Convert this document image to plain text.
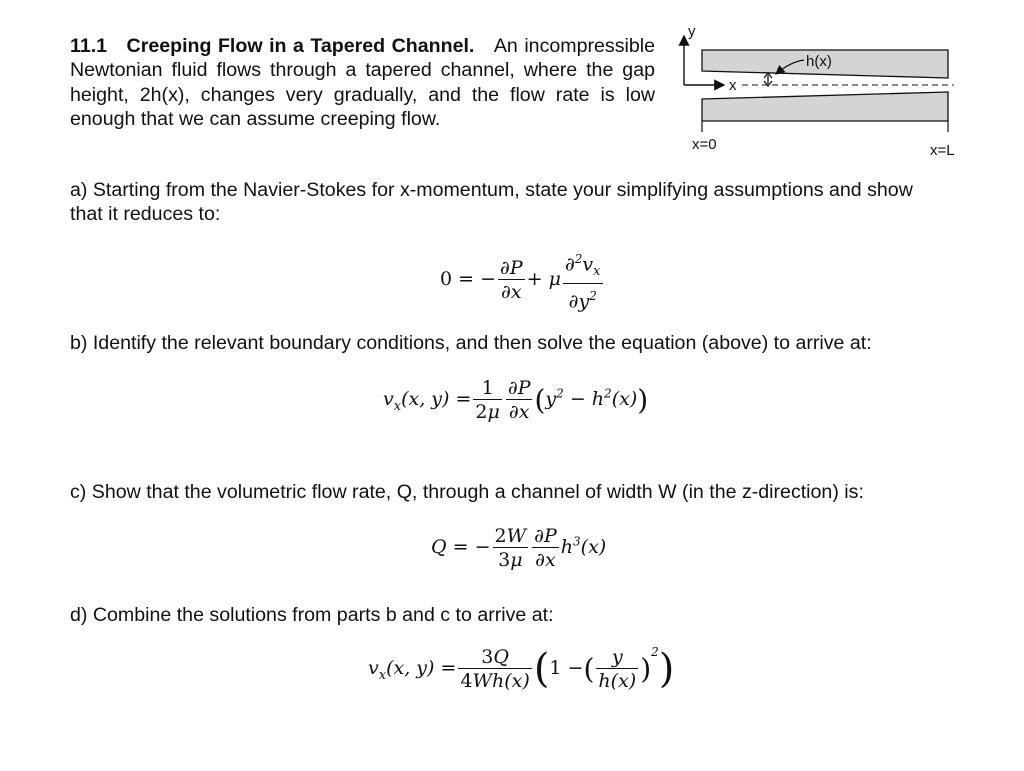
11.1 Creeping Flow in a Tapered Channel. An incompressible Newtonian fluid flows through a tapered channel, where the gap height, 2h(x), changes very gradually, and the flow rate is low enough that we can assume creeping flow.
y
x
h(x)
x=0	x=L
a) Starting from the Navier-Stokes for x-momentum, state your simplifying assumptions and show that it reduces to:
0 = − $\frac{\partial P}{\partial x} + \mu \frac{\partial^2v_x}{\partial y^2}$
b) Identify the relevant boundary conditions, and then solve the equation (above) to arrive at:
$v_x(x$, $y) = \frac{1}{2\mu} \frac{\partial P}{\partial x} (y^2 - h^2(x))$
c) Show that the volumetric flow rate, Q, through a channel of width W (in the z-direction) is:
Q = − $\frac{2W}{3\mu} \frac{\partial P}{\partial x} h^3(x)$
d) Combine the solutions from parts b and c to arrive at:
$v_x(x$, $y) = \frac{3Q}{4Wh(x)} (1$ −( $\frac{y}{h(x)} )^2$)
